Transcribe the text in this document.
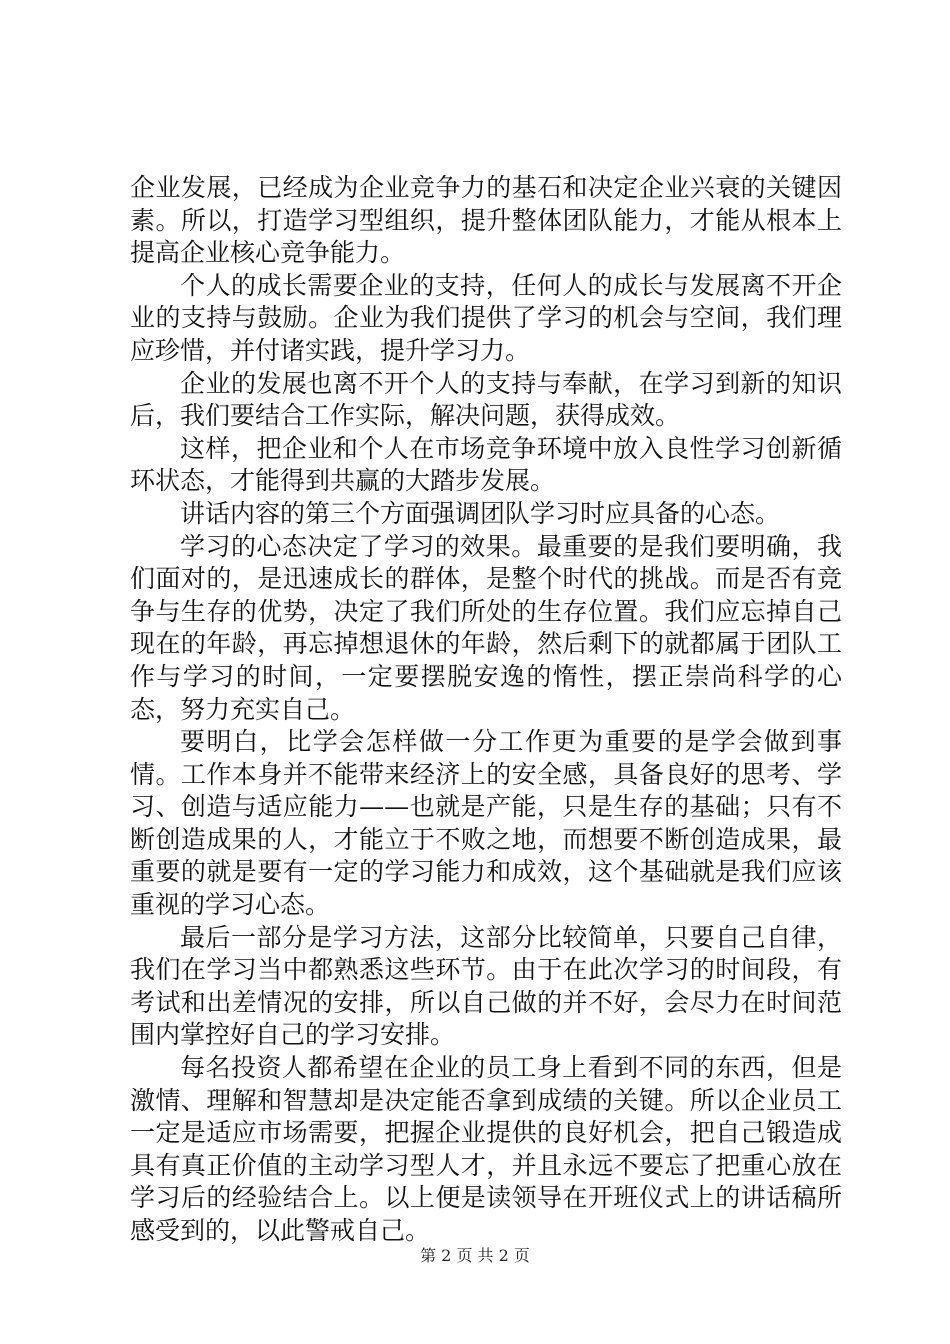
企业发展，已经成为企业竞争力的基石和决定企业兴衰的关键因素。所以，打造学习型组织，提升整体团队能力，才能从根本上提高企业核心竞争能力。

个人的成长需要企业的支持，任何人的成长与发展离不开企业的支持与鼓励。企业为我们提供了学习的机会与空间，我们理应珍惜，并付诸实践，提升学习力。

企业的发展也离不开个人的支持与奉献，在学习到新的知识后，我们要结合工作实际，解决问题，获得成效。

这样，把企业和个人在市场竞争环境中放入良性学习创新循环状态，才能得到共赢的大踏步发展。

讲话内容的第三个方面强调团队学习时应具备的心态。

学习的心态决定了学习的效果。最重要的是我们要明确，我们面对的，是迅速成长的群体，是整个时代的挑战。而是否有竞争与生存的优势，决定了我们所处的生存位置。我们应忘掉自己现在的年龄，再忘掉想退休的年龄，然后剩下的就都属于团队工作与学习的时间，一定要摆脱安逸的惰性，摆正崇尚科学的心态，努力充实自己。

要明白，比学会怎样做一分工作更为重要的是学会做到事情。工作本身并不能带来经济上的安全感，具备良好的思考、学习、创造与适应能力——也就是产能，只是生存的基础；只有不断创造成果的人，才能立于不败之地，而想要不断创造成果，最重要的就是要有一定的学习能力和成效，这个基础就是我们应该重视的学习心态。

最后一部分是学习方法，这部分比较简单，只要自己自律，我们在学习当中都熟悉这些环节。由于在此次学习的时间段，有考试和出差情况的安排，所以自己做的并不好，会尽力在时间范围内掌控好自己的学习安排。

每名投资人都希望在企业的员工身上看到不同的东西，但是激情、理解和智慧却是决定能否拿到成绩的关键。所以企业员工一定是适应市场需要，把握企业提供的良好机会，把自己锻造成具有真正价值的主动学习型人才，并且永远不要忘了把重心放在学习后的经验结合上。以上便是读领导在开班仪式上的讲话稿所感受到的，以此警戒自己。

第 2 页 共 2 页
